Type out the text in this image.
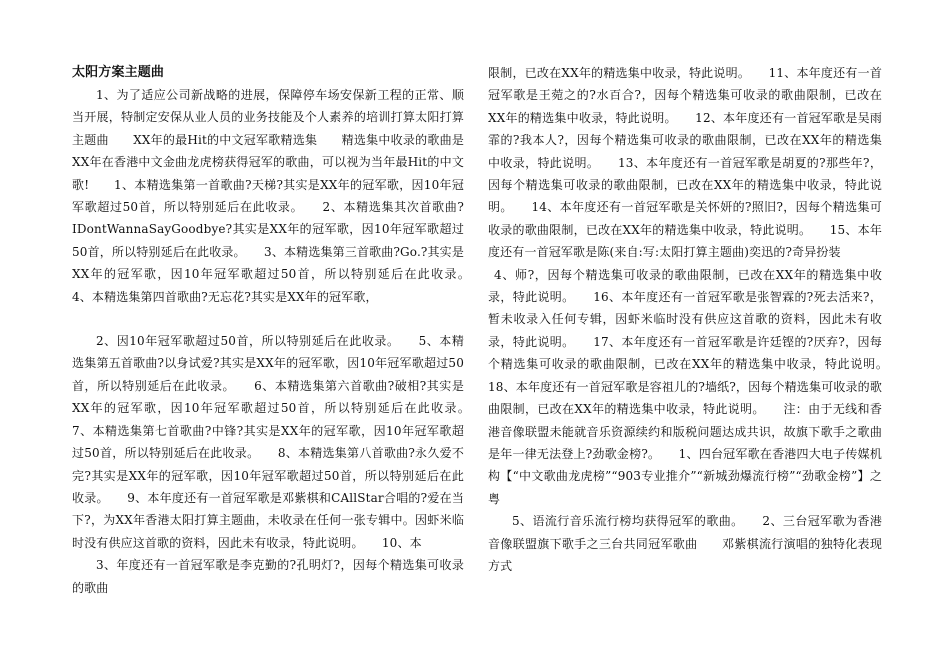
太阳方案主题曲

1、为了适应公司新战略的进展，保障停车场安保新工程的正常、顺当开展，特制定安保从业人员的业务技能及个人素养的培训打算太阳打算主题曲　　XX年的最Hit的中文冠军歌精选集　　精选集中收录的歌曲是XX年在香港中文金曲龙虎榜获得冠军的歌曲，可以视为当年最Hit的中文歌!　　1、本精选集第一首歌曲?天梯?其实是XX年的冠军歌，因10年冠军歌超过50首，所以特别延后在此收录。　　2、本精选集其次首歌曲?IDontWannaSayGoodbye?其实是XX年的冠军歌，因10年冠军歌超过50首，所以特别延后在此收录。　　3、本精选集第三首歌曲?Go.?其实是XX年的冠军歌，因10年冠军歌超过50首，所以特别延后在此收录。　　4、本精选集第四首歌曲?无忘花?其实是XX年的冠军歌，

2、因10年冠军歌超过50首，所以特别延后在此收录。　　5、本精选集第五首歌曲?以身试爱?其实是XX年的冠军歌，因10年冠军歌超过50首，所以特别延后在此收录。　　6、本精选集第六首歌曲?破相?其实是XX年的冠军歌，因10年冠军歌超过50首，所以特别延后在此收录。　　7、本精选集第七首歌曲?中锋?其实是XX年的冠军歌，因10年冠军歌超过50首，所以特别延后在此收录。　　8、本精选集第八首歌曲?永久爱不完?其实是XX年的冠军歌，因10年冠军歌超过50首，所以特别延后在此收录。　　9、本年度还有一首冠军歌是邓紫棋和CAllStar合唱的?爱在当下?，为XX年香港太阳打算主题曲，未收录在任何一张专辑中。因虾米临时没有供应这首歌的资料，因此未有收录，特此说明。　　10、本

3、年度还有一首冠军歌是李克勤的?孔明灯?，因每个精选集可收录的歌曲

限制，已改在XX年的精选集中收录，特此说明。　　11、本年度还有一首冠军歌是王菀之的?水百合?，因每个精选集可收录的歌曲限制，已改在XX年的精选集中收录，特此说明。　　12、本年度还有一首冠军歌是吴雨霏的?我本人?，因每个精选集可收录的歌曲限制，已改在XX年的精选集中收录，特此说明。　　13、本年度还有一首冠军歌是胡夏的?那些年?，因每个精选集可收录的歌曲限制，已改在XX年的精选集中收录，特此说明。　　14、本年度还有一首冠军歌是关怀妍的?照旧?，因每个精选集可收录的歌曲限制，已改在XX年的精选集中收录，特此说明。　　15、本年度还有一首冠军歌是陈(来自:写:太阳打算主题曲)奕迅的?奇异扮装

4、师?，因每个精选集可收录的歌曲限制，已改在XX年的精选集中收录，特此说明。　　16、本年度还有一首冠军歌是张智霖的?死去活来?，暂未收录入任何专辑，因虾米临时没有供应这首歌的资料，因此未有收录，特此说明。　　17、本年度还有一首冠军歌是许廷铿的?厌弃?，因每个精选集可收录的歌曲限制，已改在XX年的精选集中收录，特此说明。　　18、本年度还有一首冠军歌是容祖儿的?墙纸?，因每个精选集可收录的歌曲限制，已改在XX年的精选集中收录，特此说明。　　注：由于无线和香港音像联盟未能就音乐资源续约和版税问题达成共识，故旗下歌手之歌曲是年一律无法登上?劲歌金榜?。　　1、四台冠军歌在香港四大电子传媒机构【“中文歌曲龙虎榜”“903专业推介”“新城劲爆流行榜”“劲歌金榜”】之粤

5、语流行音乐流行榜均获得冠军的歌曲。　　2、三台冠军歌为香港音像联盟旗下歌手之三台共同冠军歌曲　　邓紫棋流行演唱的独特化表现方式
